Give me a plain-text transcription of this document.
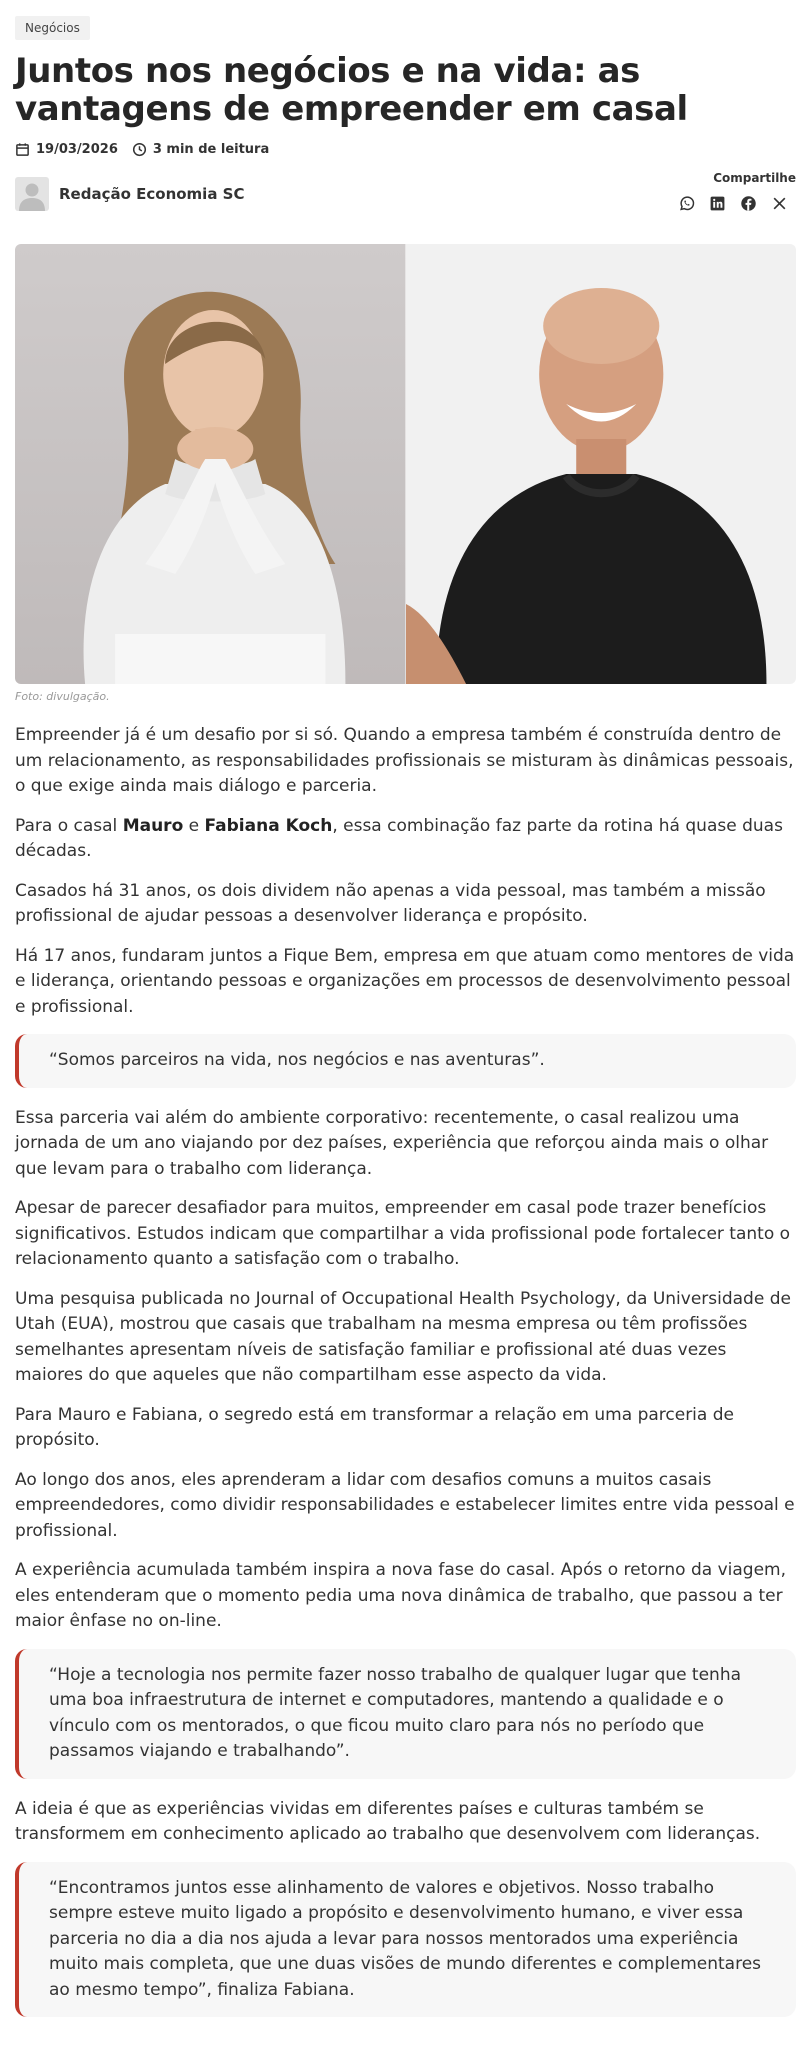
Negócios
Juntos nos negócios e na vida: as vantagens de empreender em casal
19/03/2026	3 min de leitura
Redação Economia SC
Compartilhe
Foto: divulgação.

Empreender já é um desafio por si só. Quando a empresa também é construída dentro de um relacionamento, as responsabilidades profissionais se misturam às dinâmicas pessoais, o que exige ainda mais diálogo e parceria.

Para o casal Mauro e Fabiana Koch, essa combinação faz parte da rotina há quase duas décadas.

Casados há 31 anos, os dois dividem não apenas a vida pessoal, mas também a missão profissional de ajudar pessoas a desenvolver liderança e propósito.

Há 17 anos, fundaram juntos a Fique Bem, empresa em que atuam como mentores de vida e liderança, orientando pessoas e organizações em processos de desenvolvimento pessoal e profissional.

“Somos parceiros na vida, nos negócios e nas aventuras”.

Essa parceria vai além do ambiente corporativo: recentemente, o casal realizou uma jornada de um ano viajando por dez países, experiência que reforçou ainda mais o olhar que levam para o trabalho com liderança.

Apesar de parecer desafiador para muitos, empreender em casal pode trazer benefícios significativos. Estudos indicam que compartilhar a vida profissional pode fortalecer tanto o relacionamento quanto a satisfação com o trabalho.

Uma pesquisa publicada no Journal of Occupational Health Psychology, da Universidade de Utah (EUA), mostrou que casais que trabalham na mesma empresa ou têm profissões semelhantes apresentam níveis de satisfação familiar e profissional até duas vezes maiores do que aqueles que não compartilham esse aspecto da vida.

Para Mauro e Fabiana, o segredo está em transformar a relação em uma parceria de propósito.

Ao longo dos anos, eles aprenderam a lidar com desafios comuns a muitos casais empreendedores, como dividir responsabilidades e estabelecer limites entre vida pessoal e profissional.

A experiência acumulada também inspira a nova fase do casal. Após o retorno da viagem, eles entenderam que o momento pedia uma nova dinâmica de trabalho, que passou a ter maior ênfase no on-line.

“Hoje a tecnologia nos permite fazer nosso trabalho de qualquer lugar que tenha uma boa infraestrutura de internet e computadores, mantendo a qualidade e o vínculo com os mentorados, o que ficou muito claro para nós no período que passamos viajando e trabalhando”.

A ideia é que as experiências vividas em diferentes países e culturas também se transformem em conhecimento aplicado ao trabalho que desenvolvem com lideranças.

“Encontramos juntos esse alinhamento de valores e objetivos. Nosso trabalho sempre esteve muito ligado a propósito e desenvolvimento humano, e viver essa parceria no dia a dia nos ajuda a levar para nossos mentorados uma experiência muito mais completa, que une duas visões de mundo diferentes e complementares ao mesmo tempo”, finaliza Fabiana.
